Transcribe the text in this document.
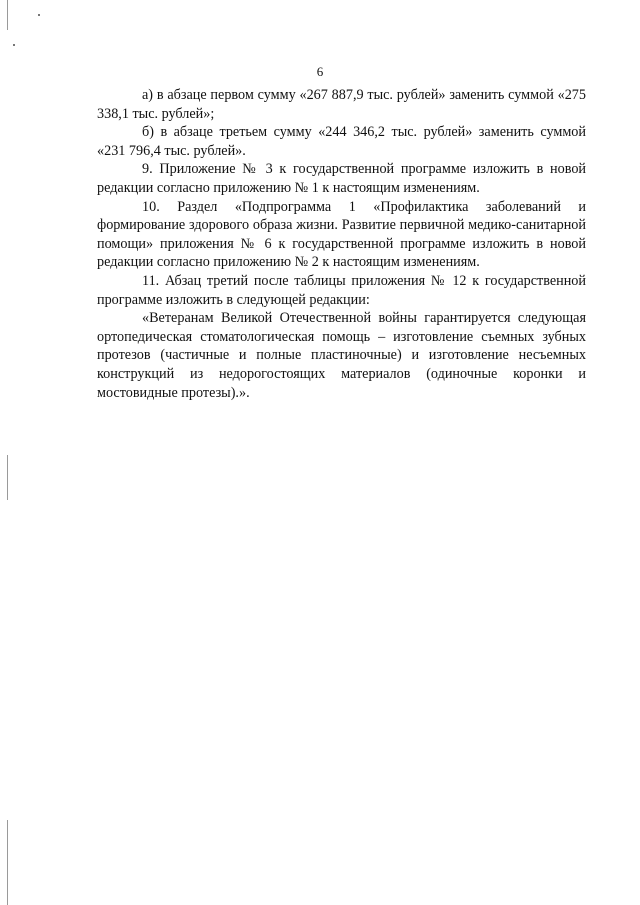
6

а) в абзаце первом сумму «267 887,9 тыс. рублей» заменить суммой «275 338,1 тыс. рублей»;

б) в абзаце третьем сумму «244 346,2 тыс. рублей» заменить суммой «231 796,4 тыс. рублей».

9. Приложение № 3 к государственной программе изложить в новой редакции согласно приложению № 1 к настоящим изменениям.

10. Раздел «Подпрограмма 1 «Профилактика заболеваний и формирование здорового образа жизни. Развитие первичной медико-санитарной помощи» приложения № 6 к государственной программе изложить в новой редакции согласно приложению № 2 к настоящим изменениям.

11. Абзац третий после таблицы приложения № 12 к государственной программе изложить в следующей редакции:

«Ветеранам Великой Отечественной войны гарантируется следующая ортопедическая стоматологическая помощь – изготовление съемных зубных протезов (частичные и полные пластиночные) и изготовление несъемных конструкций из недорогостоящих материалов (одиночные коронки и мостовидные протезы).».
